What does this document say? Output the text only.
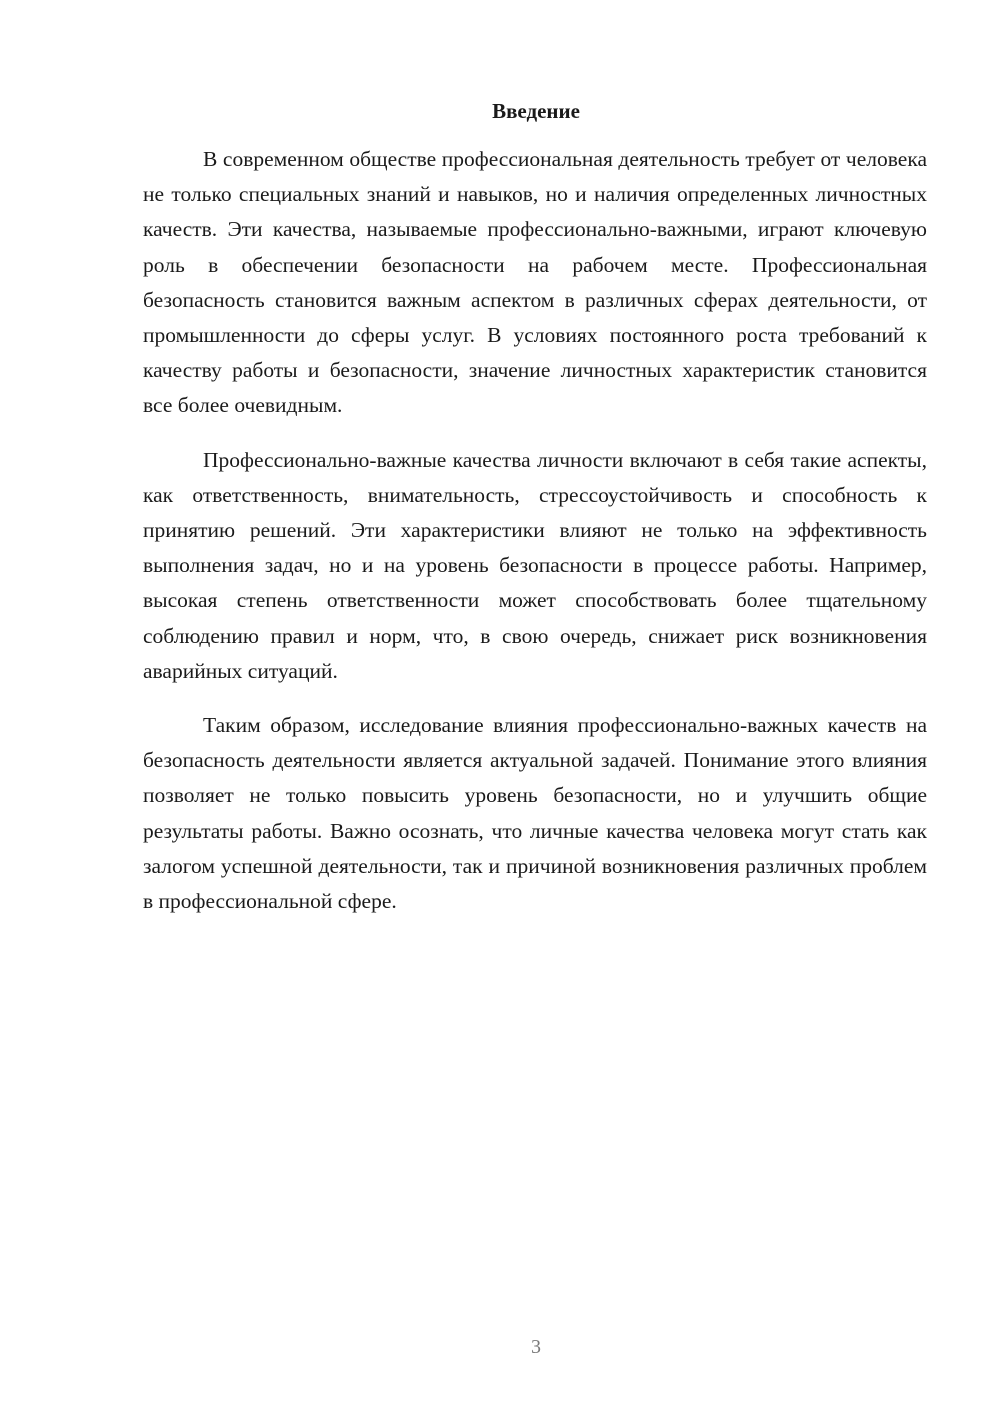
Введение

В современном обществе профессиональная деятельность требует от человека не только специальных знаний и навыков, но и наличия определенных личностных качеств. Эти качества, называемые профессионально-важными, играют ключевую роль в обеспечении безопасности на рабочем месте. Профессиональная безопасность становится важным аспектом в различных сферах деятельности, от промышленности до сферы услуг. В условиях постоянного роста требований к качеству работы и безопасности, значение личностных характеристик становится все более очевидным.

Профессионально-важные качества личности включают в себя такие аспекты, как ответственность, внимательность, стрессоустойчивость и способность к принятию решений. Эти характеристики влияют не только на эффективность выполнения задач, но и на уровень безопасности в процессе работы. Например, высокая степень ответственности может способствовать более тщательному соблюдению правил и норм, что, в свою очередь, снижает риск возникновения аварийных ситуаций.

Таким образом, исследование влияния профессионально-важных качеств на безопасность деятельности является актуальной задачей. Понимание этого влияния позволяет не только повысить уровень безопасности, но и улучшить общие результаты работы. Важно осознать, что личные качества человека могут стать как залогом успешной деятельности, так и причиной возникновения различных проблем в профессиональной сфере.

3
